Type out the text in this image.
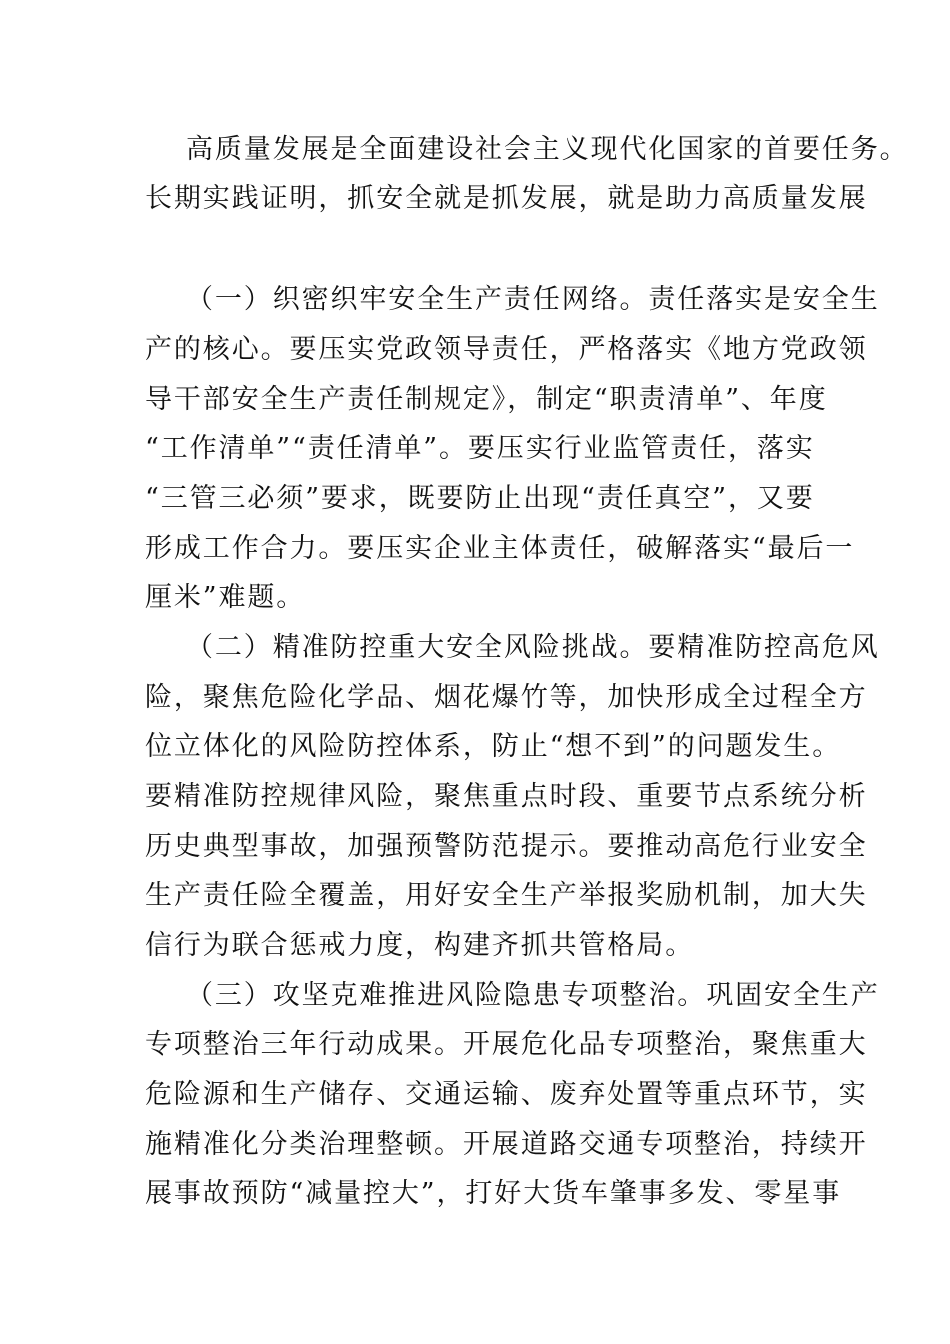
高质量发展是全面建设社会主义现代化国家的首要任务。
长期实践证明，抓安全就是抓发展，就是助力高质量发展
（一）织密织牢安全生产责任网络。责任落实是安全生
产的核心。要压实党政领导责任，严格落实《地方党政领
导干部安全生产责任制规定》，制定“职责清单”、年度
“工作清单”“责任清单”。要压实行业监管责任，落实
“三管三必须”要求，既要防止出现“责任真空”，又要
形成工作合力。要压实企业主体责任，破解落实“最后一
厘米”难题。
（二）精准防控重大安全风险挑战。要精准防控高危风
险，聚焦危险化学品、烟花爆竹等，加快形成全过程全方
位立体化的风险防控体系，防止“想不到”的问题发生。
要精准防控规律风险，聚焦重点时段、重要节点系统分析
历史典型事故，加强预警防范提示。要推动高危行业安全
生产责任险全覆盖，用好安全生产举报奖励机制，加大失
信行为联合惩戒力度，构建齐抓共管格局。
（三）攻坚克难推进风险隐患专项整治。巩固安全生产
专项整治三年行动成果。开展危化品专项整治，聚焦重大
危险源和生产储存、交通运输、废弃处置等重点环节，实
施精准化分类治理整顿。开展道路交通专项整治，持续开
展事故预防“减量控大”，打好大货车肇事多发、零星事
